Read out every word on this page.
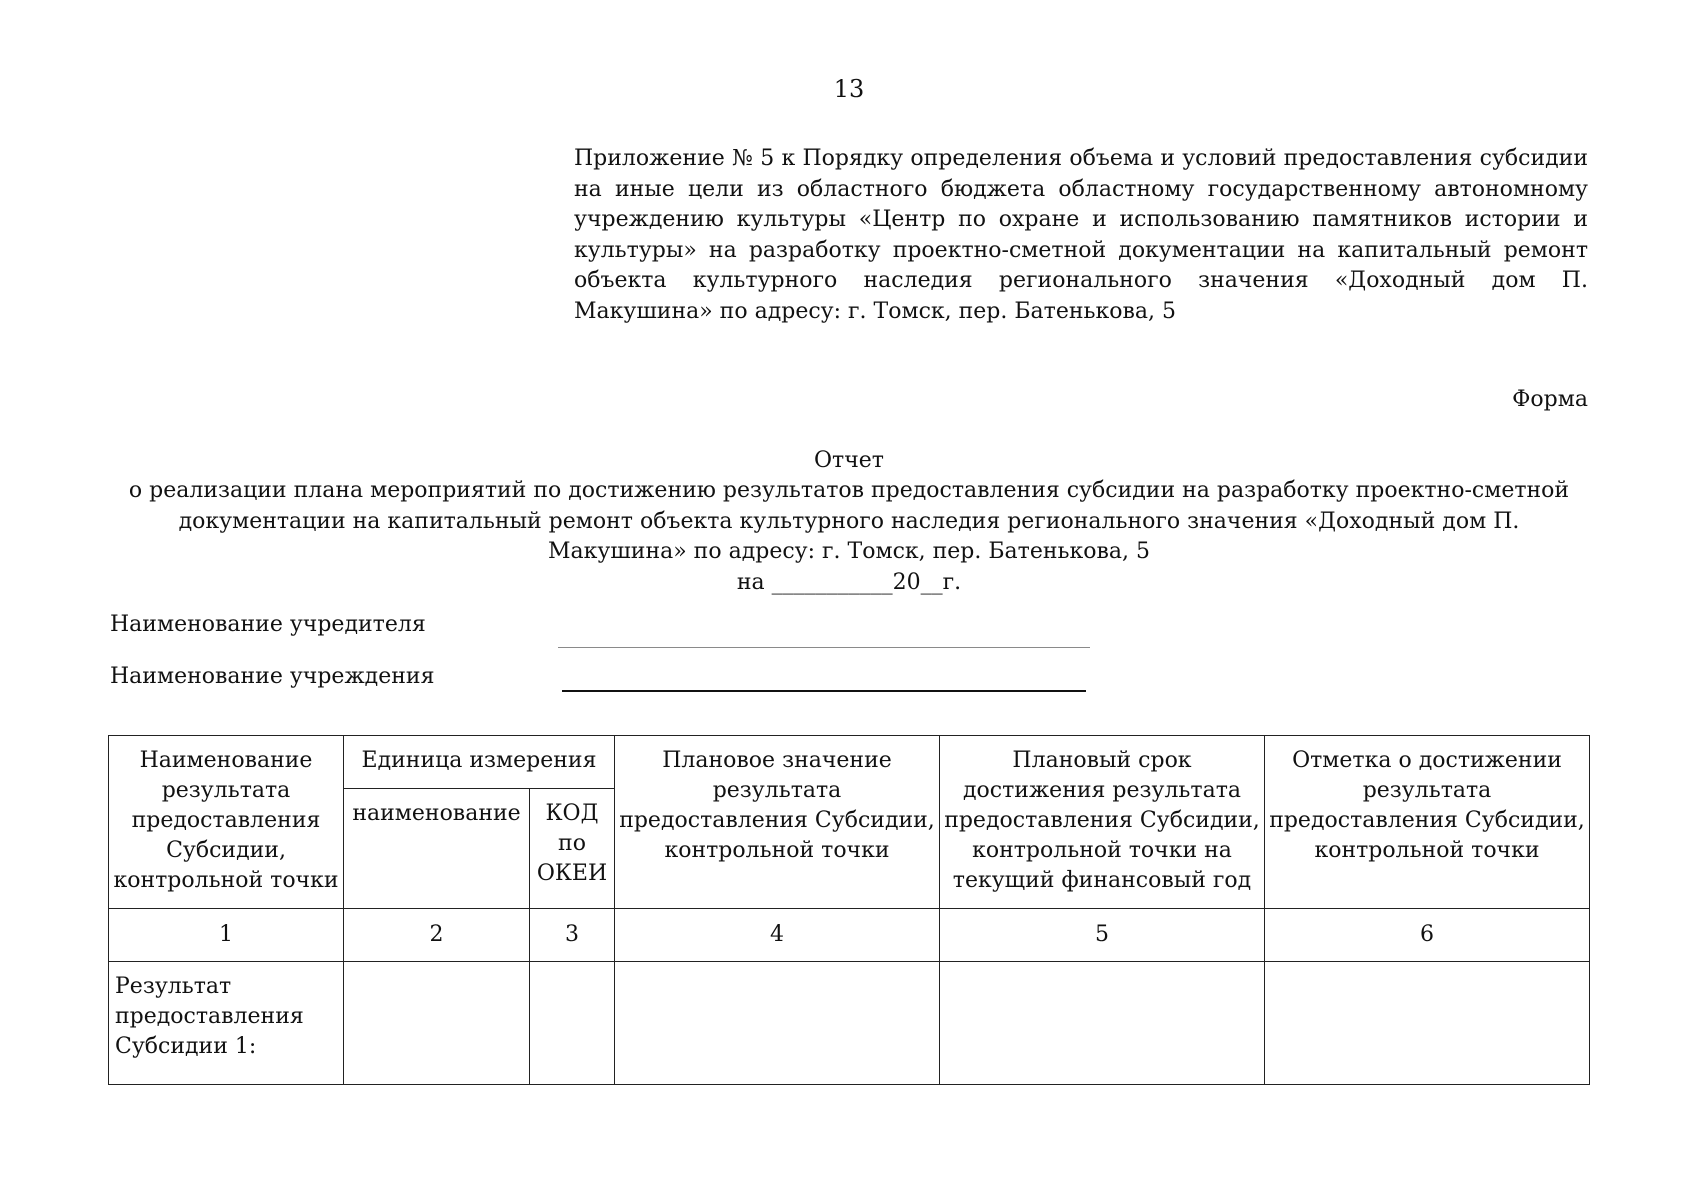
13
Приложение № 5 к Порядку определения объема и условий предоставления субсидии на иные цели из областного бюджета областному государственному автономному учреждению культуры «Центр по охране и использованию памятников истории и культуры» на разработку проектно-сметной документации на капитальный ремонт объекта культурного наследия регионального значения «Доходный дом П. Макушина» по адресу: г. Томск, пер. Батенькова, 5
Форма
Отчет
о реализации плана мероприятий по достижению результатов предоставления субсидии на разработку проектно-сметной документации на капитальный ремонт объекта культурного наследия регионального значения «Доходный дом П. Макушина» по адресу: г. Томск, пер. Батенькова, 5
на ___________20__г.
Наименование учредителя
Наименование учреждения
Наименование результата предоставления Субсидии, контрольной точки	Единица измерения		Плановое значение результата предоставления Субсидии, контрольной точки	Плановый срок достижения результата предоставления Субсидии, контрольной точки на текущий финансовый год	Отметка о достижении результата предоставления Субсидии, контрольной точки
	наименование	КОД по ОКЕИ			
1	2	3	4	5	6
Результат предоставления Субсидии 1:					
